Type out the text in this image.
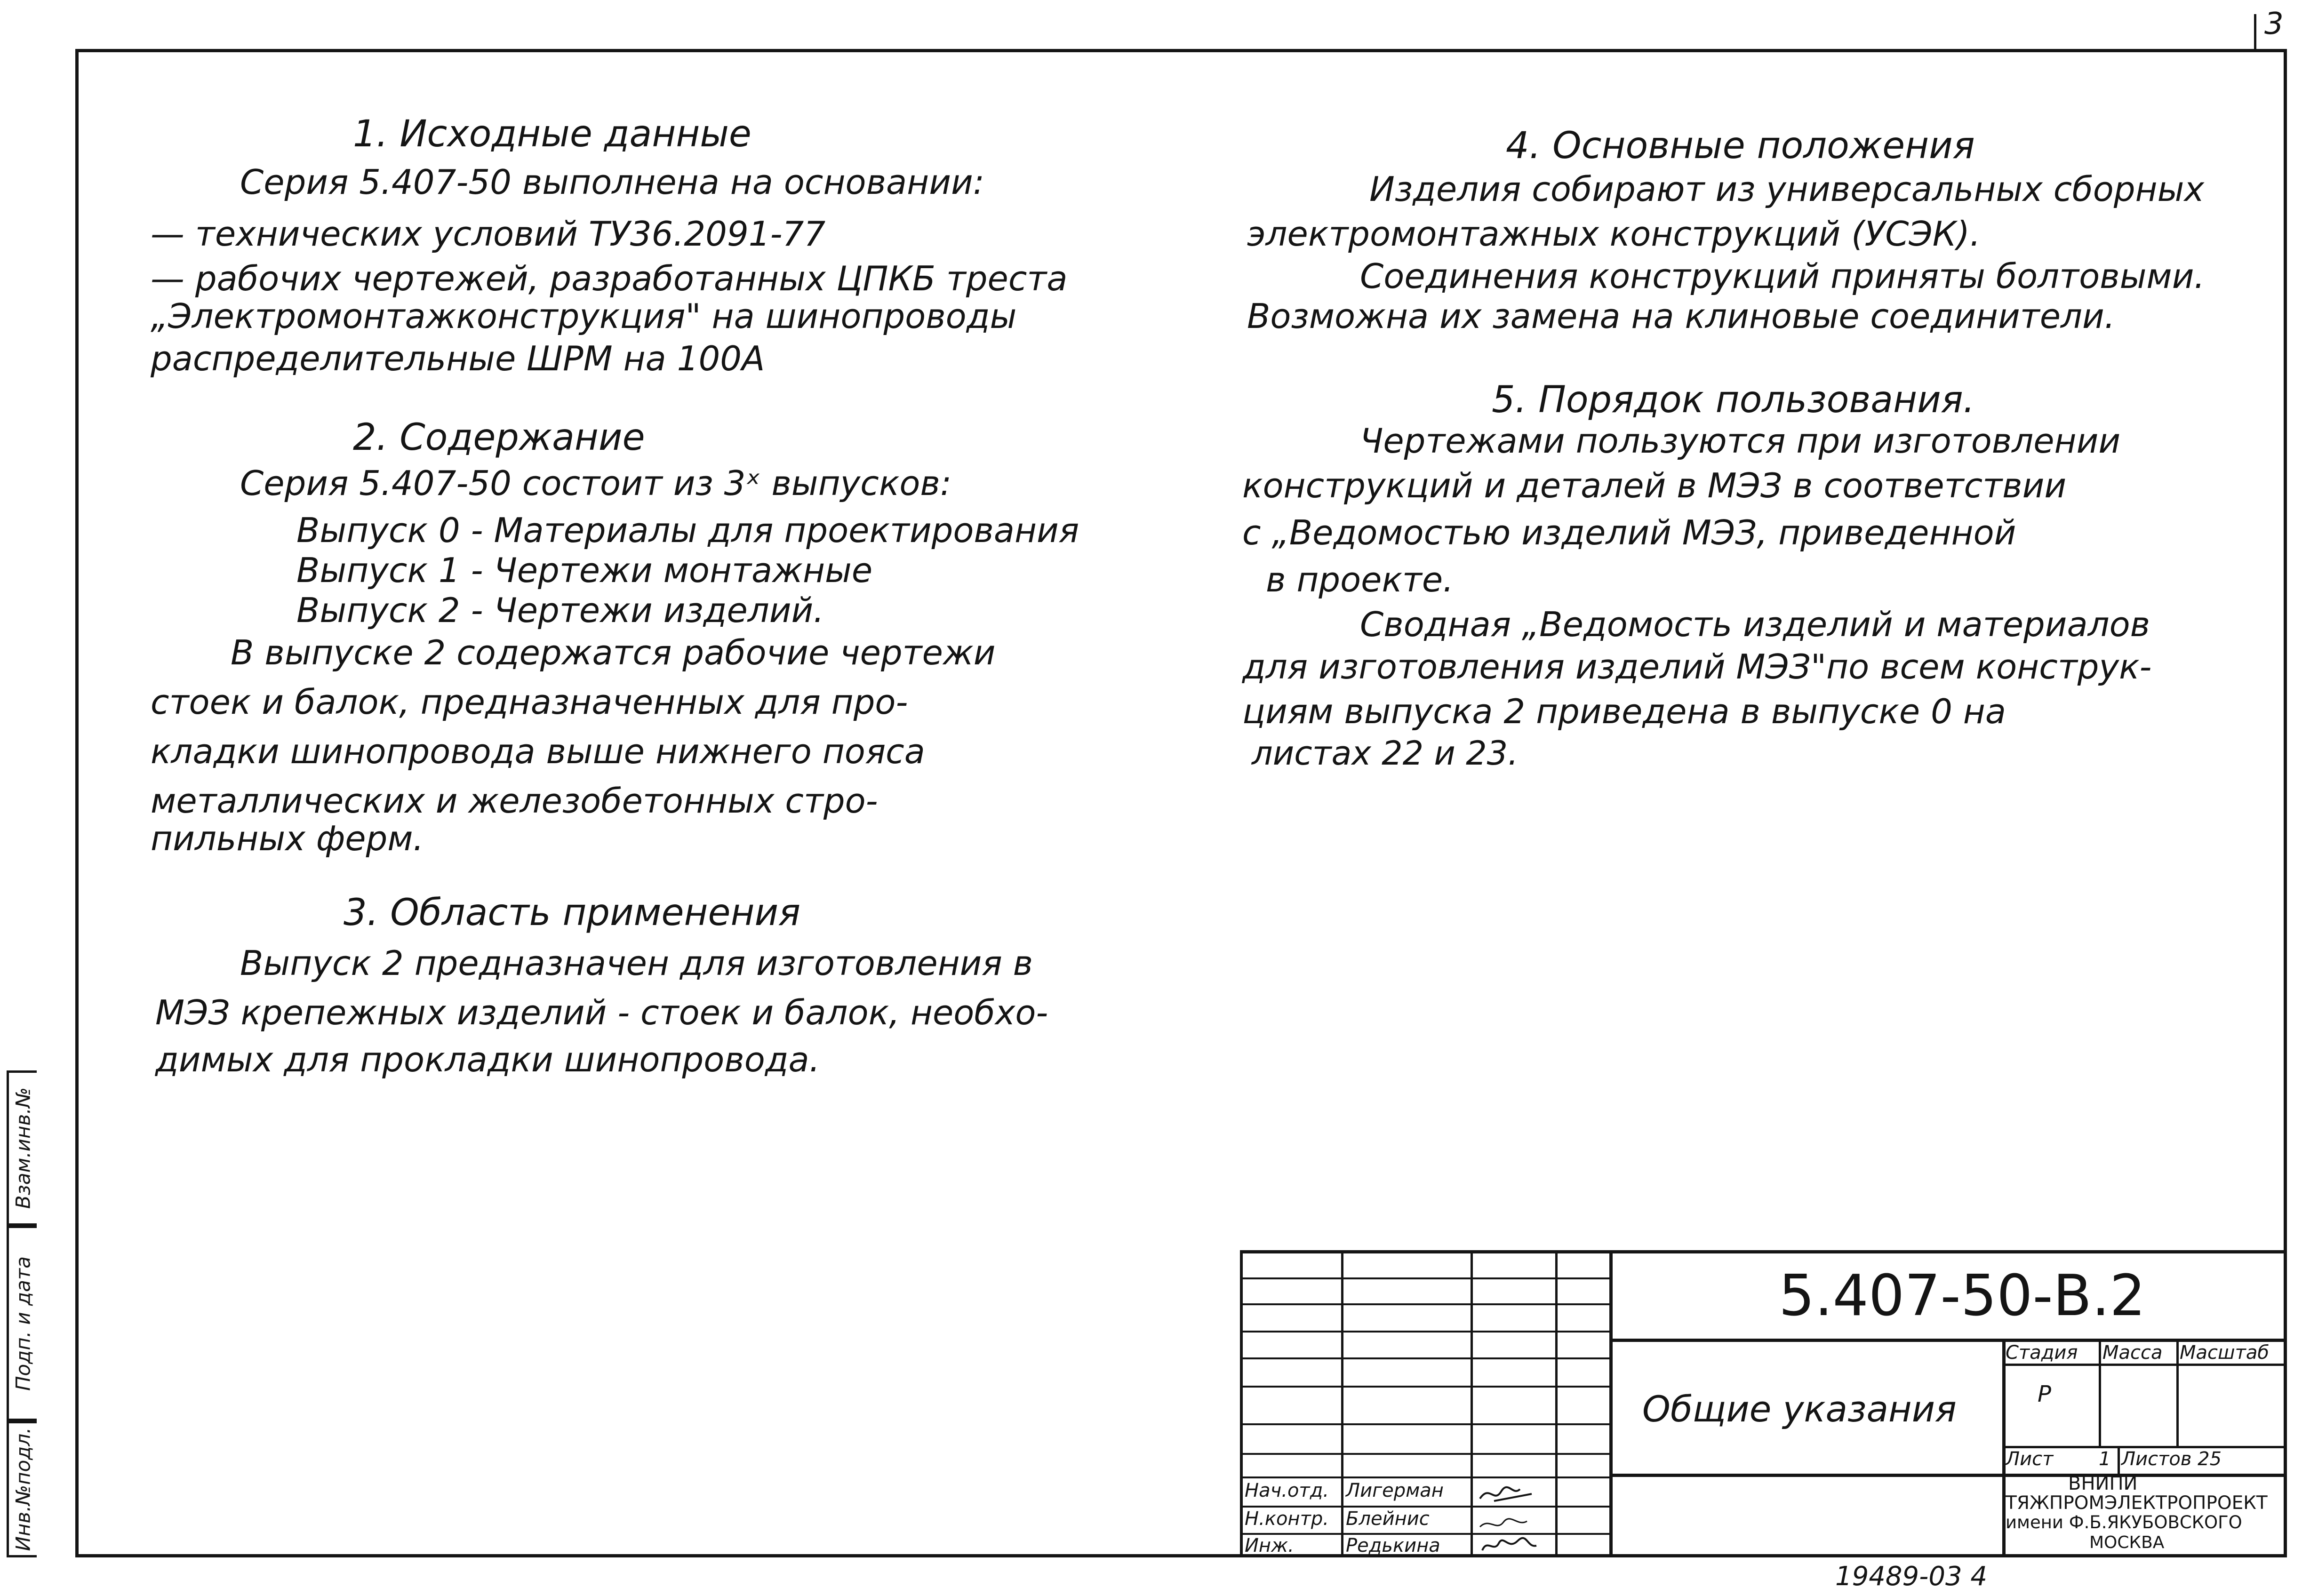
3
Взам.инв.№
Подп. и дата
Инв.№подл.
1. Исходные данные
Серия 5.407-50 выполнена на основании:
— технических условий ТУ36.2091-77
— рабочих чертежей, разработанных ЦПКБ треста
„Электромонтажконструкция" на шинопроводы
распределительные ШРМ на 100А
2. Содержание
Серия 5.407-50 состоит из 3ˣ выпусков:
Выпуск 0 - Материалы для проектирования
Выпуск 1 - Чертежи монтажные
Выпуск 2 - Чертежи изделий.
В выпуске 2 содержатся рабочие чертежи
стоек и балок, предназначенных для про-
кладки шинопровода выше нижнего пояса
металлических и железобетонных стро-
пильных ферм.
3. Область применения
Выпуск 2 предназначен для изготовления в
МЭЗ крепежных изделий - стоек и балок, необхо-
димых для прокладки шинопровода.
4. Основные положения
Изделия собирают из универсальных сборных
электромонтажных конструкций (УСЭК).
Соединения конструкций приняты болтовыми.
Возможна их замена на клиновые соединители.
5. Порядок пользования.
Чертежами пользуются при изготовлении
конструкций и деталей в МЭЗ в соответствии
с „Ведомостью изделий МЭЗ, приведенной
в проекте.
Сводная „Ведомость изделий и материалов
для изготовления изделий МЭЗ"по всем конструк-
циям выпуска 2 приведена в выпуске 0 на
листах 22 и 23.
Нач.отд. Лигерман
Н.контр. Блейнис
Инж.	Редькина
5.407-50-В.2
Общие указания
Стадия Масса Масштаб
Р
Лист 1 Листов 25
ВНИПИ
ТЯЖПРОМЭЛЕКТРОПРОЕКТ
имени Ф.Б.ЯКУБОВСКОГО
МОСКВА
19489-03 4
